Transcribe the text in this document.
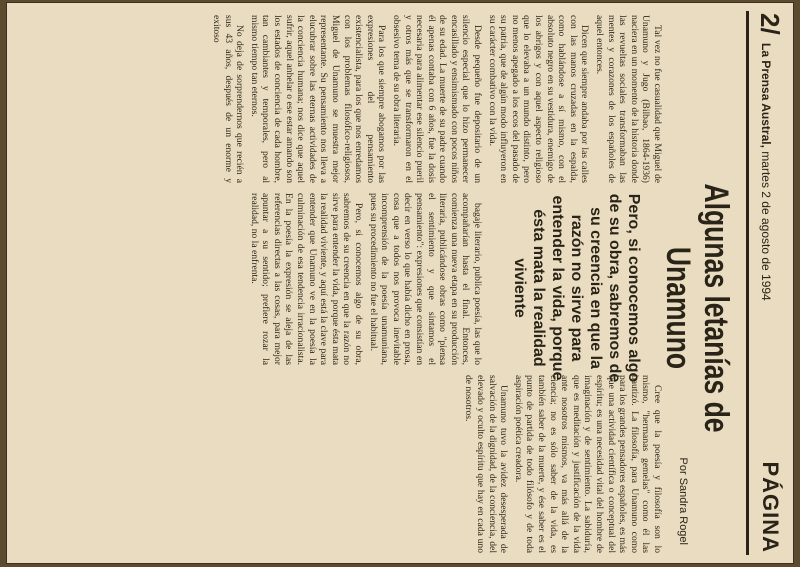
2/
La Prensa Austral, martes 2 de agosto de 1994
PÁGINA
Algunas letanías de Unamuno
Por Sandra Rogel

Tal vez no fue casualidad que Miguel de Unamuno y Jugo (Bilbao, 1864-1936) naciera en un momento de la historia donde las revueltas sociales transformaban las mentes y corazones de los españoles de aquel entonces.

Dicen que siempre andaba por las calles con las manos cruzadas en la espalda, como hablándose a sí mismo, con el absoluto negro en su vestidura, enemigo de los abrigos y con aquel aspecto religioso que lo elevaba a un mundo distinto, pero no menos apegado a los ecos del pasado de su patria, que de algún modo influyeron en su carácter combativo con la vida.

Desde pequeño fue depositario de un silencio especial que lo hizo permanecer encasillado y ensimismado con pocos niños de su edad. La muerte de su padre cuando él apenas contaba con 6 años, fue la dosis necesaria para alimentar ese silencio pueril y otros más que se transformaron en el obsesivo tema de su obra literaria.

Para los que siempre abogamos por las expresiones del pensamiento existencialista, para los que nos enredamos con los problemas filosófico-religiosos, Miguel de Unamuno se muestra mejor representante. Su pensamiento nos lleva a elucubrar sobre las eternas actividades de la conciencia humana; nos dice que aquel sufrir, aquel anhelar o ese estar amando son los estados de conciencia de cada hombre, tan cambiantes y temporales, pero al mismo tiempo tan eternos.

No deja de sorprendernos que recién a sus 43 años, después de un enorme y exitoso

bagaje literario, publica poesía, las que lo acompañarían hasta el final. Entonces, comienza una nueva etapa en su producción literaria, publicándose obras como "piensa el sentimiento y que sintamos el pensamiento": expresiones que consistían en decir en verso lo que había dicho en prosa, cosa que a todos nos provoca inevitable incomprensión de la poesía unamuniana, pues su procedimiento no fue el habitual.

Pero, si conocemos algo de su obra, sabremos de su creencia en que la razón no sirve para entender la vida, porque ésta mata la realidad viviente, y aquí está la clave para entender que Unamuno ve en la poesía la culminación de esa tendencia irracionalista. En la poesía la expresión se aleja de las referencias directas a las cosas, para mejor apuntar a su sentido; prefiere rozar la realidad, no la enfrenta.	Pero, si conocemos algo de su obra, sabremos de su creencia en que la razón no sirve para entender la vida, porque ésta mata la realidad viviente

Cree que la poesía y filosofía son lo mismo, "hermanas gemelas" como él las bautizó. La filosofía, para Unamuno como para los grandes pensadores españoles, es más que una actividad científica o conceptual del espíritu; es una necesidad vital del hombre de imaginación y de sentimiento. La sabiduría, que es meditación y justificación de la vida ante nosotros mismos, va más allá de la ciencia; no es sólo saber de la vida, es también saber de la muerte, y ése saber es el punto de partida de todo filósofo y de toda aspiración poética creadora.

Unamuno tuvo la avidez desesperada de salvación de la dignidad, de la conciencia, del elevado y oculto espíritu que hay en cada uno de nosotros.
